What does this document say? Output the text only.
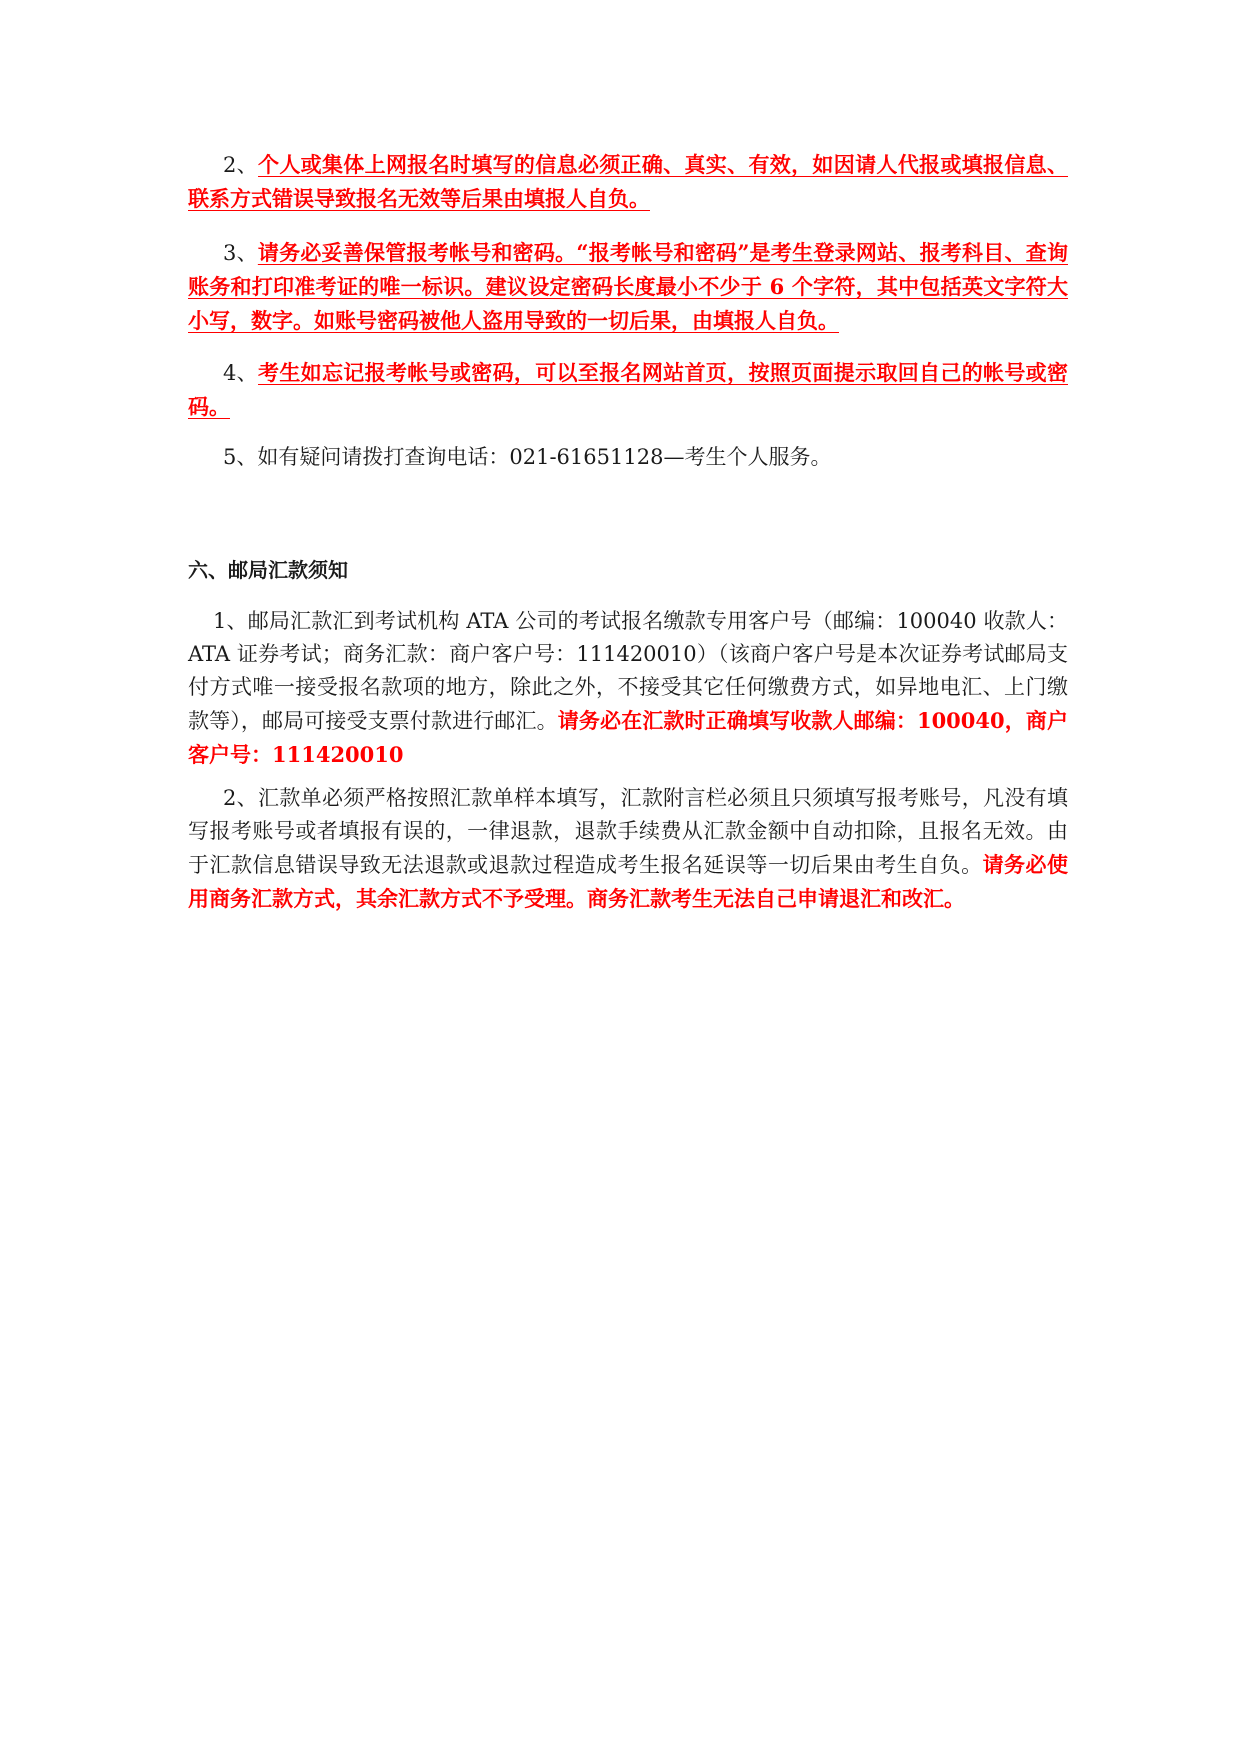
2、个人或集体上网报名时填写的信息必须正确、真实、有效，如因请人代报或填报信息、联系方式错误导致报名无效等后果由填报人自负。

3、请务必妥善保管报考帐号和密码。“报考帐号和密码”是考生登录网站、报考科目、查询账务和打印准考证的唯一标识。建议设定密码长度最小不少于 6 个字符，其中包括英文字符大小写，数字。如账号密码被他人盗用导致的一切后果，由填报人自负。

4、考生如忘记报考帐号或密码，可以至报名网站首页，按照页面提示取回自己的帐号或密码。

5、如有疑问请拨打查询电话：021-61651128—考生个人服务。

六、邮局汇款须知

1、邮局汇款汇到考试机构 ATA 公司的考试报名缴款专用客户号（邮编：100040 收款人：ATA 证券考试；商务汇款：商户客户号：111420010）（该商户客户号是本次证券考试邮局支付方式唯一接受报名款项的地方，除此之外，不接受其它任何缴费方式，如异地电汇、上门缴款等），邮局可接受支票付款进行邮汇。请务必在汇款时正确填写收款人邮编：100040，商户客户号：111420010

2、汇款单必须严格按照汇款单样本填写，汇款附言栏必须且只须填写报考账号，凡没有填写报考账号或者填报有误的，一律退款，退款手续费从汇款金额中自动扣除，且报名无效。由于汇款信息错误导致无法退款或退款过程造成考生报名延误等一切后果由考生自负。请务必使用商务汇款方式，其余汇款方式不予受理。商务汇款考生无法自己申请退汇和改汇。
